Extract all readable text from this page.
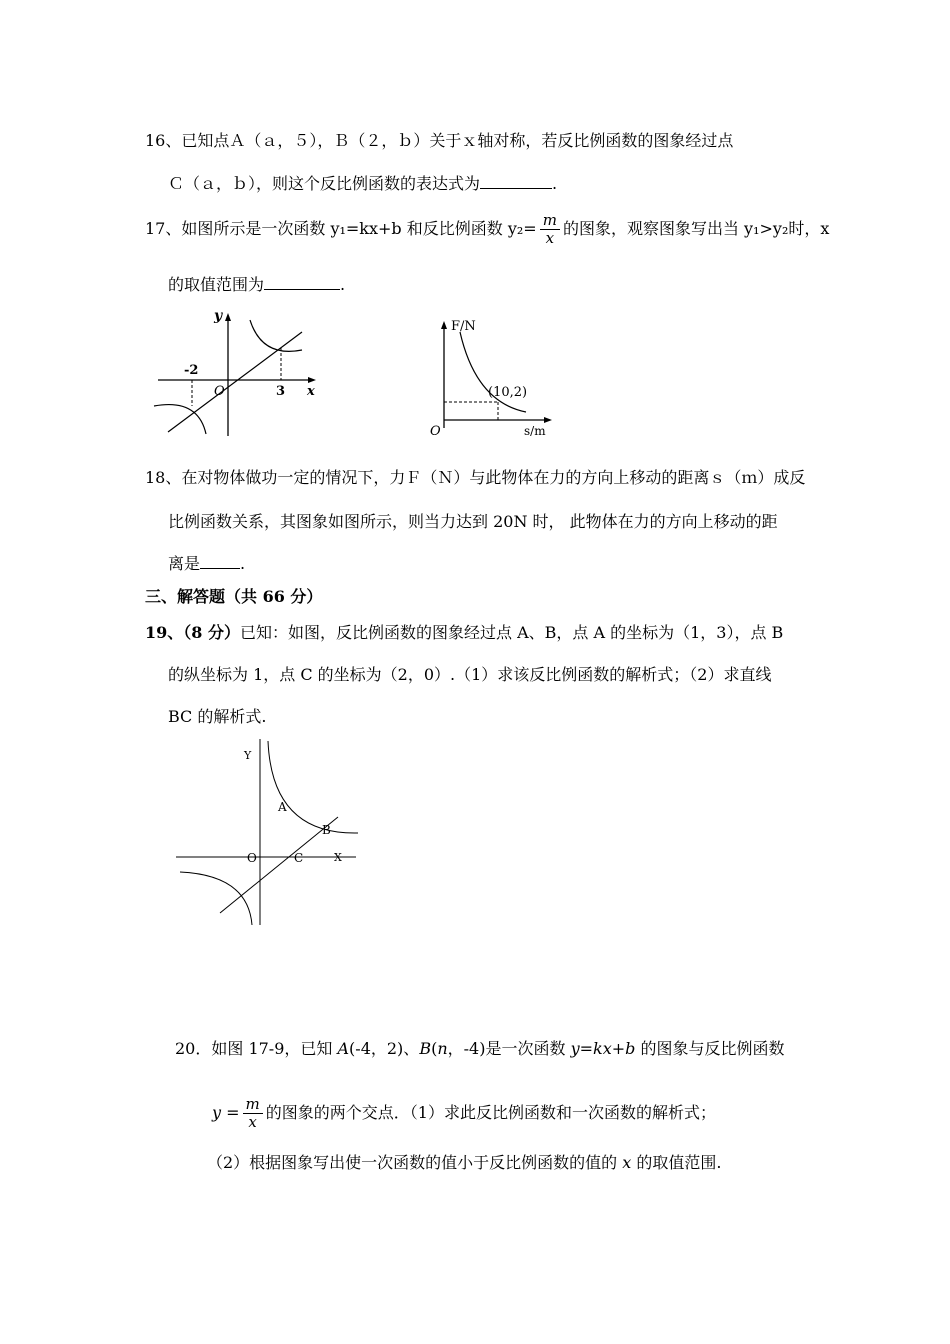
16、已知点Ａ（ａ，５），Ｂ（２，ｂ）关于ｘ轴对称，若反比例函数的图象经过点
Ｃ（ａ，ｂ），则这个反比例函数的表达式为	.
17、如图所示是一次函数 y₁=kx+b 和反比例函数 $y_2= \frac{m}{x}$ 的图象，观察图象写出当 y₁>y₂时，x
的取值范围为	.
y
x
O
-2
3
F/N
s/m
O
(10,2)
18、在对物体做功一定的情况下，力Ｆ（Ｎ）与此物体在力的方向上移动的距离ｓ（ｍ）成反
比例函数关系，其图象如图所示，则当力达到 20N 时， 此物体在力的方向上移动的距
离是	.
三、解答题（共 66 分）
19、（8 分）已知：如图，反比例函数的图象经过点 A、B，点 A 的坐标为（1，3），点 B
的纵坐标为 1，点 C 的坐标为（2，0）.（1）求该反比例函数的解析式；（2）求直线
BC 的解析式.
Y
X
O
A
B
C
20．如图 17-9，已知 A(-4，2)、B(n，-4)是一次函数 y=kx+b 的图象与反比例函数
$y = \frac{m}{x}$ 的图象的两个交点．（1）求此反比例函数和一次函数的解析式；
（2）根据图象写出使一次函数的值小于反比例函数的值的 x 的取值范围.
